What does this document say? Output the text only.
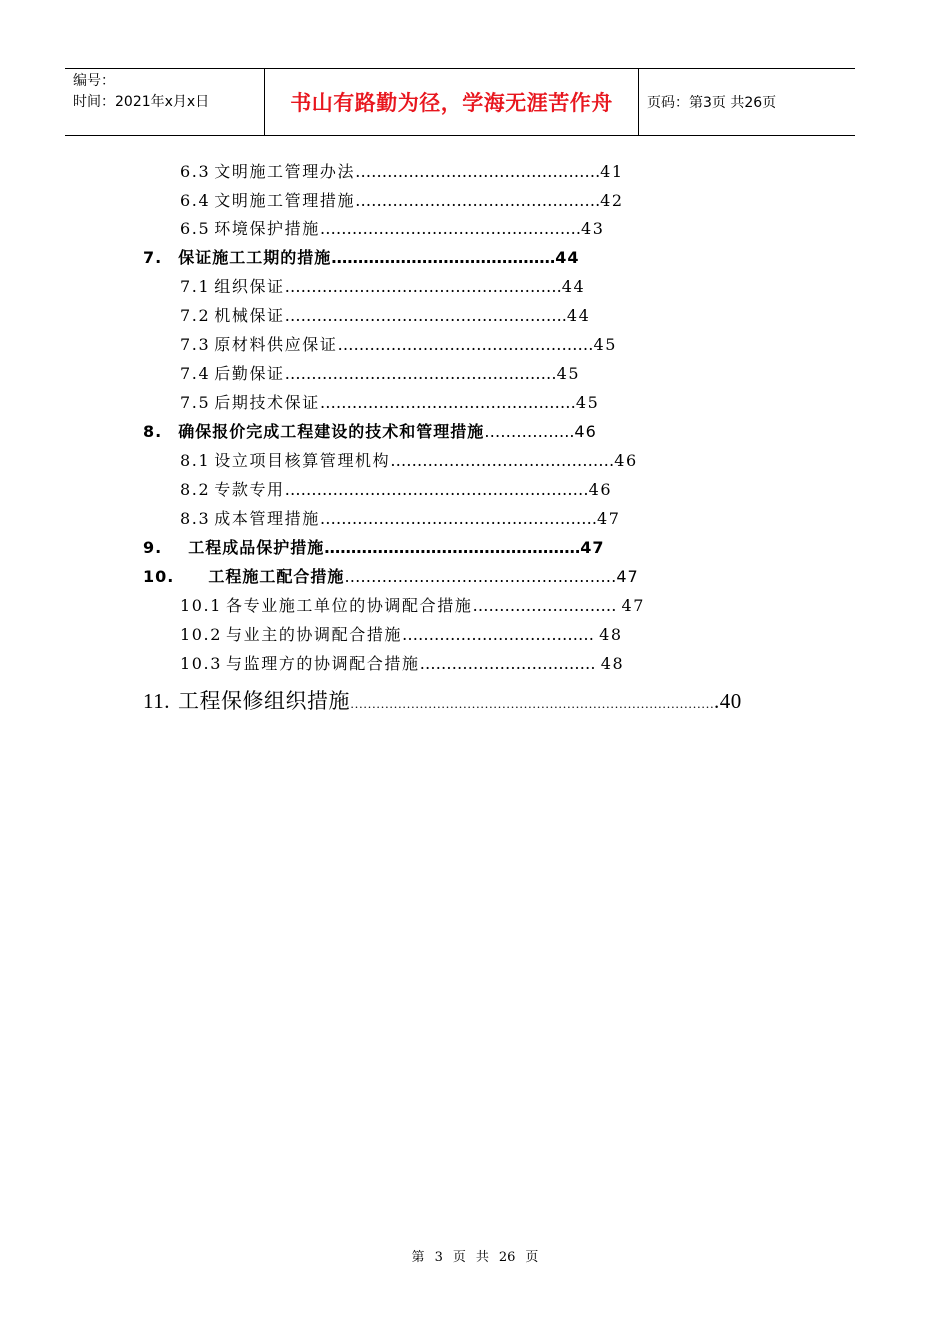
编号：
时间：2021年x月x日	书山有路勤为径，学海无涯苦作舟	页码：第3页 共26页
6.3 文明施工管理办法……………………………………….41
6.4 文明施工管理措施……………………………………….42
6.5 环境保护措施………………………………………….43
7. 保证施工工期的措施……………………………………44
7.1 组织保证…………………………………………….44
7.2 机械保证……………………………………………..44
7.3 原材料供应保证…………………………………………45
7.4 后勤保证……………………………………………45
7.5 后期技术保证…………………………………………45
8. 确保报价完成工程建设的技术和管理措施……………..46
8.1 设立项目核算管理机构……………………………………46
8.2 专款专用…………………………………………………46
8.3 成本管理措施…………………………………………….47
9. 工程成品保护措施…………………………………………47
10. 工程施工配合措施……………………………………………47
10.1 各专业施工单位的协调配合措施……………………… 47
10.2 与业主的协调配合措施……………………………… 48
10.3 与监理方的协调配合措施…………………………… 48
11. 工程保修组织措施………………………………………………………………………….40
第 3 页 共 26 页
